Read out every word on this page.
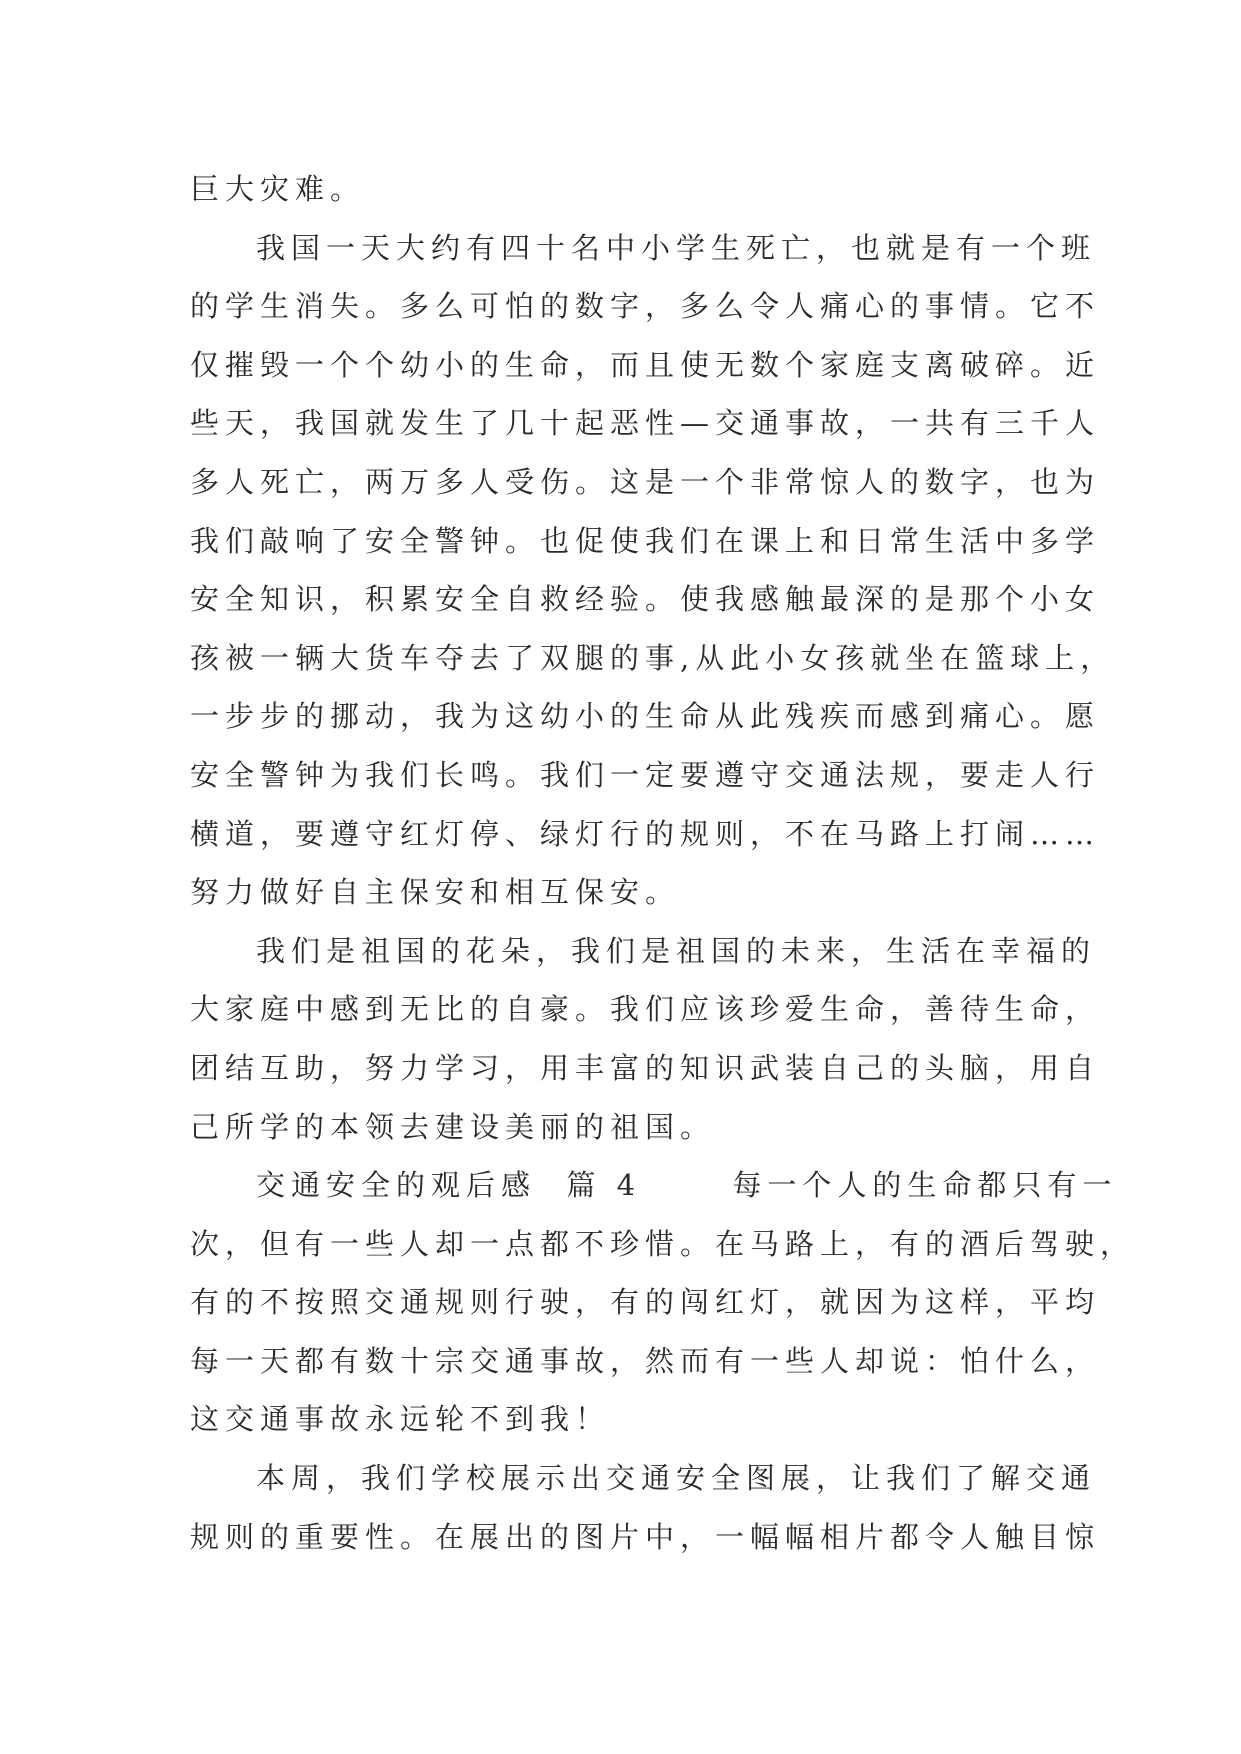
巨大灾难。
我国一天大约有四十名中小学生死亡，也就是有一个班
的学生消失。多么可怕的数字，多么令人痛心的事情。它不
仅摧毁一个个幼小的生命，而且使无数个家庭支离破碎。近
些天，我国就发生了几十起恶性—交通事故，一共有三千人
多人死亡，两万多人受伤。这是一个非常惊人的数字，也为
我们敲响了安全警钟。也促使我们在课上和日常生活中多学
安全知识，积累安全自救经验。使我感触最深的是那个小女
孩被一辆大货车夺去了双腿的事,从此小女孩就坐在篮球上，
一步步的挪动，我为这幼小的生命从此残疾而感到痛心。愿
安全警钟为我们长鸣。我们一定要遵守交通法规，要走人行
横道，要遵守红灯停、绿灯行的规则，不在马路上打闹……
努力做好自主保安和相互保安。
我们是祖国的花朵，我们是祖国的未来，生活在幸福的
大家庭中感到无比的自豪。我们应该珍爱生命，善待生命，
团结互助，努力学习，用丰富的知识武装自己的头脑，用自
己所学的本领去建设美丽的祖国。
交通安全的观后感  篇 4      每一个人的生命都只有一
次，但有一些人却一点都不珍惜。在马路上，有的酒后驾驶，
有的不按照交通规则行驶，有的闯红灯，就因为这样，平均
每一天都有数十宗交通事故，然而有一些人却说：怕什么，
这交通事故永远轮不到我！
本周，我们学校展示出交通安全图展，让我们了解交通
规则的重要性。在展出的图片中，一幅幅相片都令人触目惊
